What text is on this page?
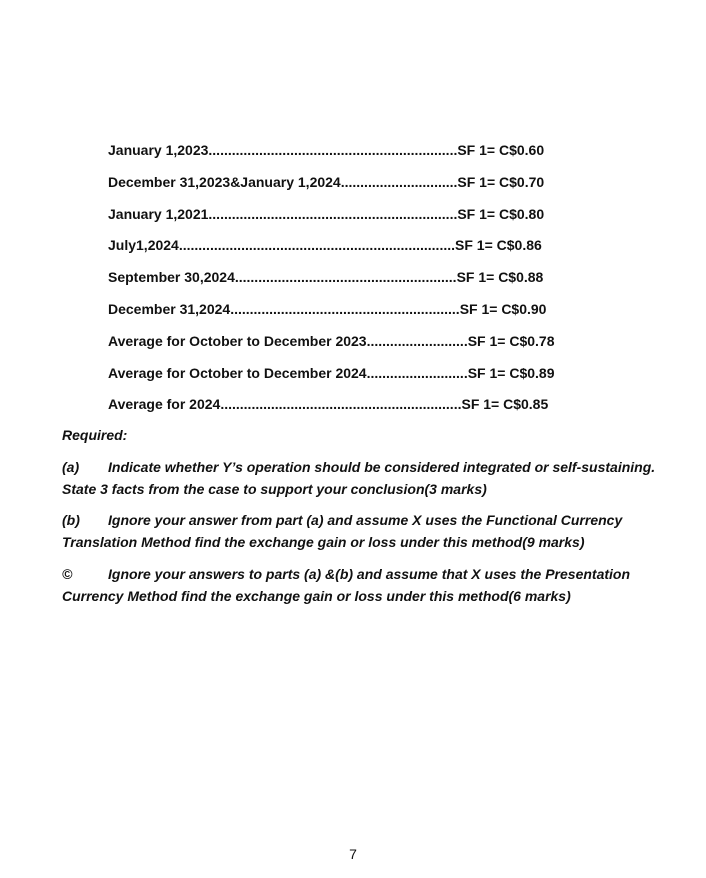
January 1,2023................................................................SF 1= C$0.60
December 31,2023&January 1,2024..............................SF 1= C$0.70
January 1,2021................................................................SF 1= C$0.80
July1,2024.......................................................................SF 1= C$0.86
September 30,2024.........................................................SF 1= C$0.88
December 31,2024...........................................................SF 1= C$0.90
Average for October to December 2023..........................SF 1= C$0.78
Average for October to December 2024..........................SF 1= C$0.89
Average for 2024..............................................................SF 1= C$0.85
Required:
(a) Indicate whether Y’s operation should be considered integrated or self-sustaining. State 3 facts from the case to support your conclusion(3 marks)
(b) Ignore your answer from part (a) and assume X uses the Functional Currency Translation Method find the exchange gain or loss under this method(9 marks)
©	Ignore your answers to parts (a) &(b) and assume that X uses the Presentation Currency Method find the exchange gain or loss under this method(6 marks)
7
